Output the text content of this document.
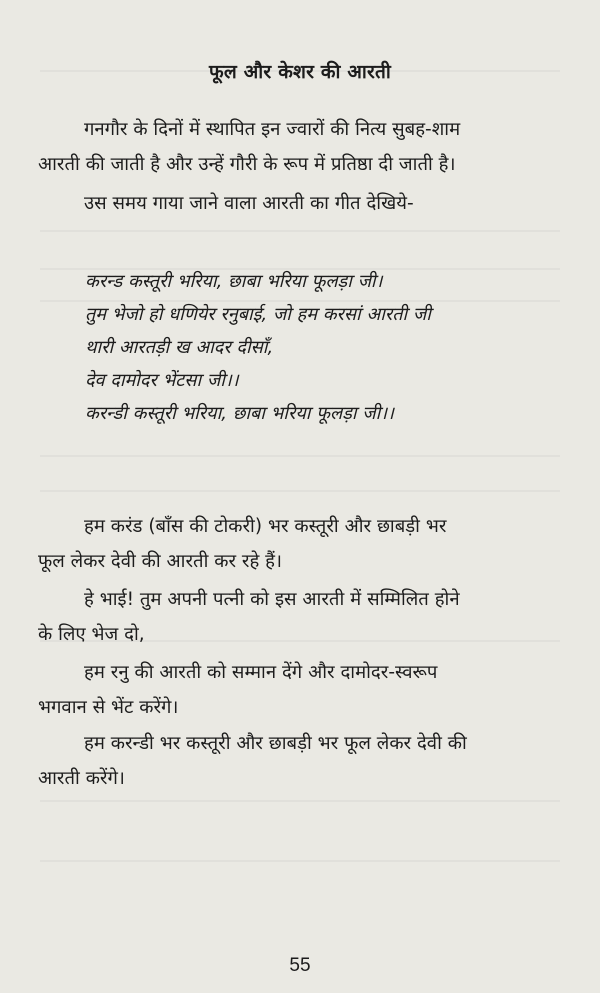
फूल और केशर की आरती
गनगौर के दिनों में स्थापित इन ज्वारों की नित्य सुबह-शाम
आरती की जाती है और उन्हें गौरी के रूप में प्रतिष्ठा दी जाती है।
उस समय गाया जाने वाला आरती का गीत देखिये-
करन्ड कस्तूरी भरिया, छाबा भरिया फूलड़ा जी।
तुम भेजो हो धणियेर रनुबाई, जो हम करसां आरती जी
थारी आरतड़ी ख आदर दीसाँ,
देव दामोदर भेंटसा जी।।
करन्डी कस्तूरी भरिया, छाबा भरिया फूलड़ा जी।।
हम करंड (बाँस की टोकरी) भर कस्तूरी और छाबड़ी भर
फूल लेकर देवी की आरती कर रहे हैं।
हे भाई! तुम अपनी पत्नी को इस आरती में सम्मिलित होने
के लिए भेज दो,
हम रनु की आरती को सम्मान देंगे और दामोदर-स्वरूप
भगवान से भेंट करेंगे।
हम करन्डी भर कस्तूरी और छाबड़ी भर फूल लेकर देवी की
आरती करेंगे।
55
